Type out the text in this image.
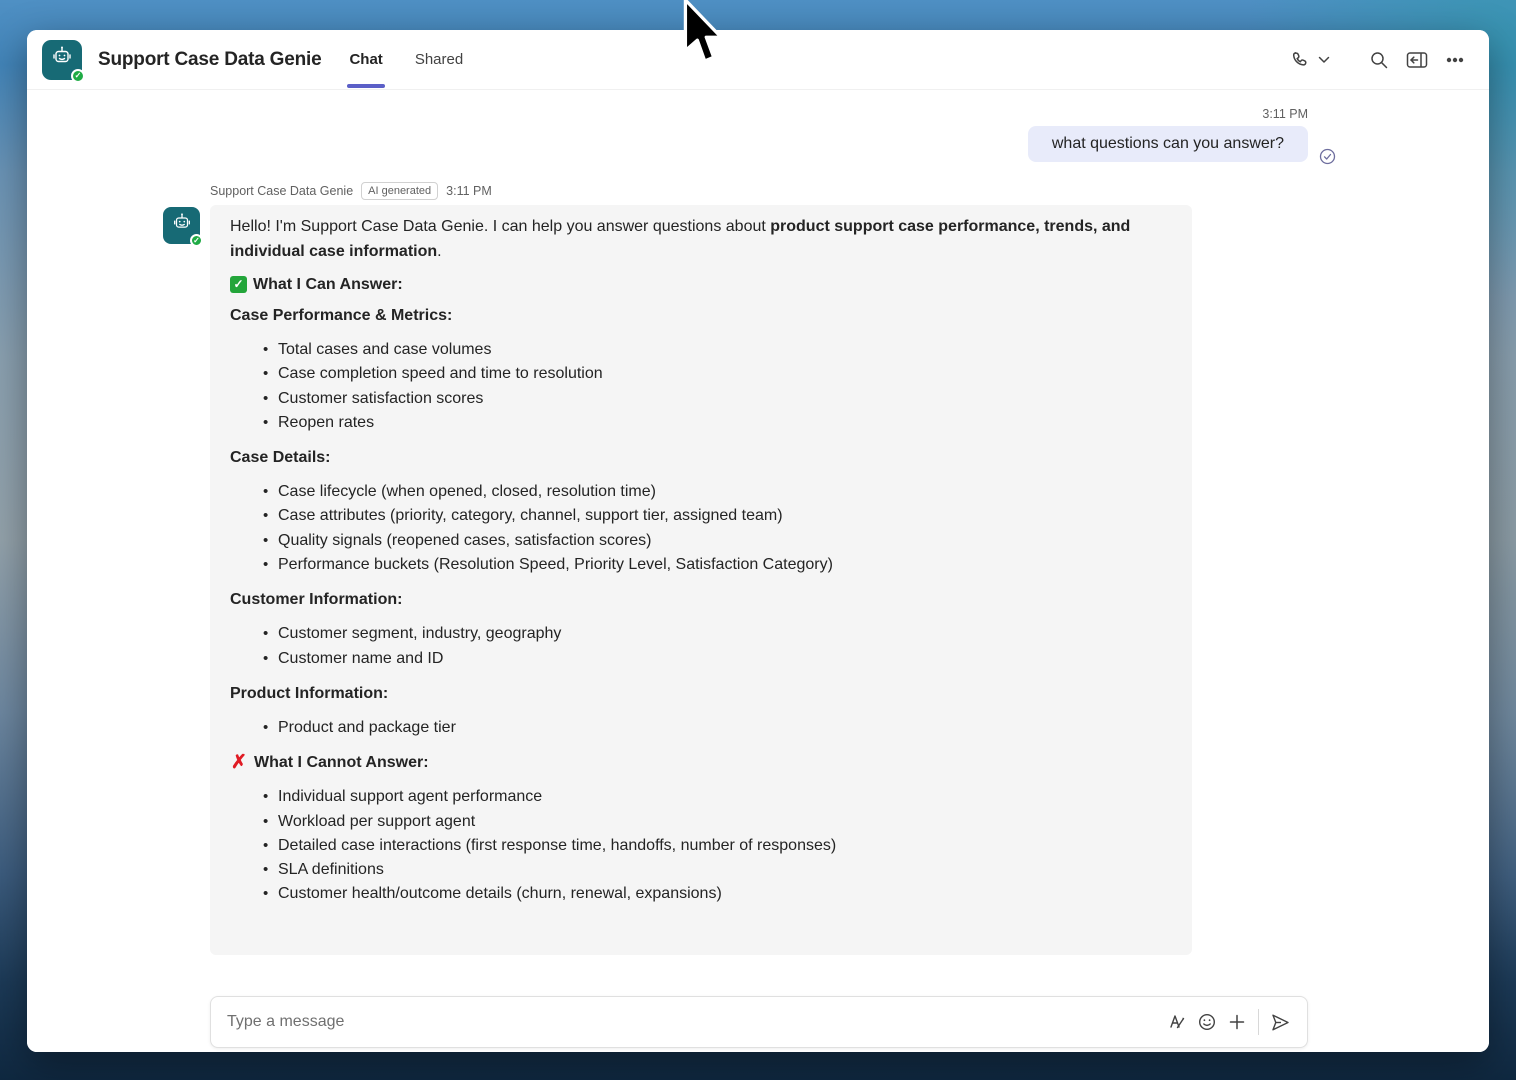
✓
Support Case Data Genie Chat Shared
3:11 PM
what questions can you answer?
Support Case Data Genie	AI generated	3:11 PM
✓

Hello! I'm Support Case Data Genie. I can help you answer questions about product support case performance, trends, and individual case information.

✓ What I Can Answer:
Case Performance & Metrics:
• Total cases and case volumes
• Case completion speed and time to resolution
• Customer satisfaction scores
• Reopen rates
Case Details:
• Case lifecycle (when opened, closed, resolution time)
• Case attributes (priority, category, channel, support tier, assigned team)
• Quality signals (reopened cases, satisfaction scores)
• Performance buckets (Resolution Speed, Priority Level, Satisfaction Category)
Customer Information:
• Customer segment, industry, geography
• Customer name and ID
Product Information:
• Product and package tier
✗ What I Cannot Answer:
• Individual support agent performance
• Workload per support agent
• Detailed case interactions (first response time, handoffs, number of responses)
• SLA definitions
• Customer health/outcome details (churn, renewal, expansions)
Type a message
